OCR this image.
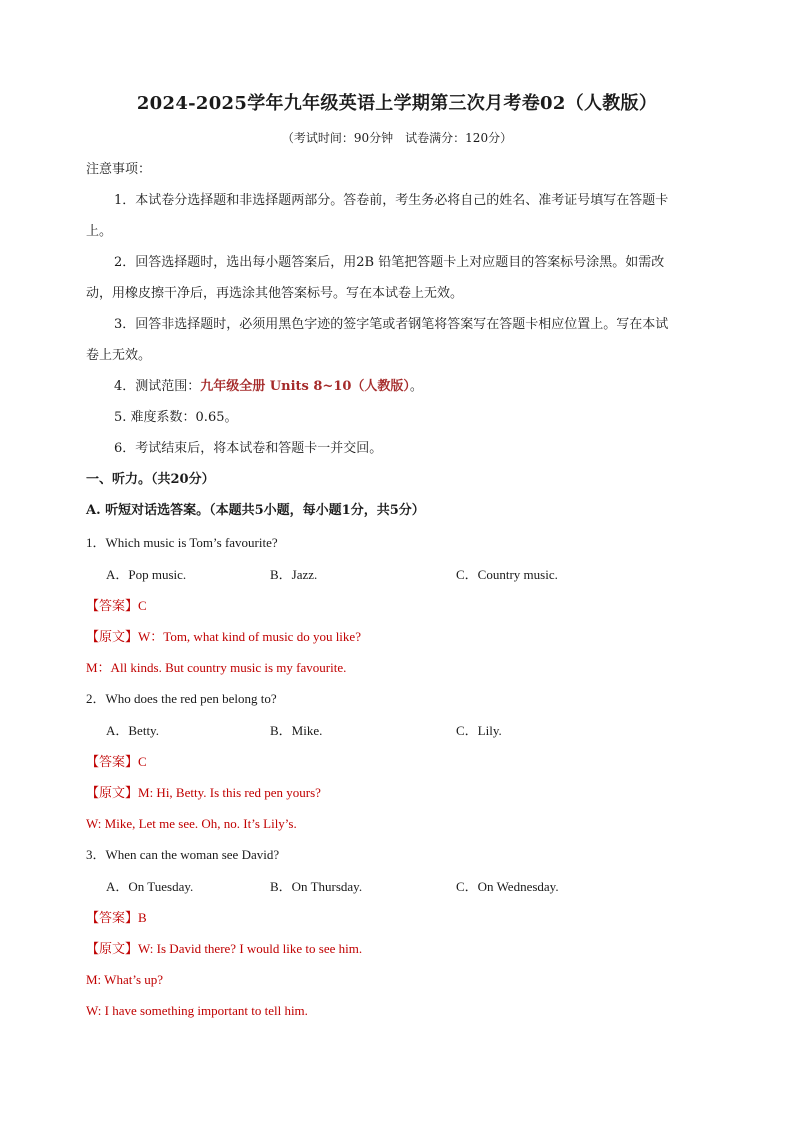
2024-2025学年九年级英语上学期第三次月考卷02（人教版）
（考试时间：90分钟　试卷满分：120分）
注意事项：
1．本试卷分选择题和非选择题两部分。答卷前，考生务必将自己的姓名、准考证号填写在答题卡
上。
2．回答选择题时，选出每小题答案后，用2B 铅笔把答题卡上对应题目的答案标号涂黑。如需改
动，用橡皮擦干净后，再选涂其他答案标号。写在本试卷上无效。
3．回答非选择题时，必须用黑色字迹的签字笔或者钢笔将答案写在答题卡相应位置上。写在本试
卷上无效。
4．测试范围：九年级全册 Units 8~10（人教版）。
5. 难度系数：0.65。
6．考试结束后，将本试卷和答题卡一并交回。
一、听力。（共20分）
A. 听短对话选答案。（本题共5小题，每小题1分，共5分）
1．Which music is Tom’s favourite?
A．Pop music.	B．Jazz.	C．Country music.
【答案】C
【原文】W：Tom, what kind of music do you like?
M：All kinds. But country music is my favourite.
2．Who does the red pen belong to?
A．Betty.	B．Mike.	C．Lily.
【答案】C
【原文】M: Hi, Betty. Is this red pen yours?
W: Mike, Let me see. Oh, no. It’s Lily’s.
3．When can the woman see David?
A．On Tuesday.	B．On Thursday.	C．On Wednesday.
【答案】B
【原文】W: Is David there? I would like to see him.
M: What’s up?
W: I have something important to tell him.
